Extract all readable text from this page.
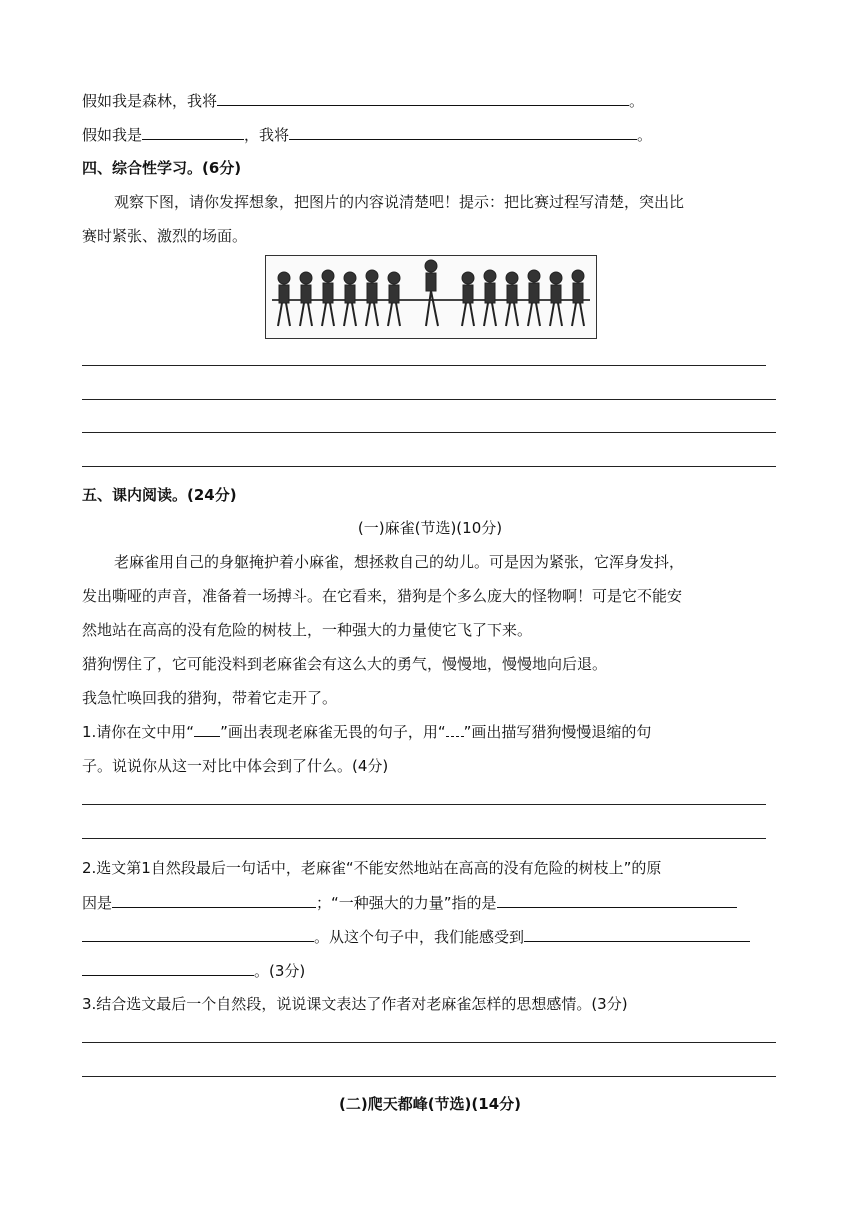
假如我是森林，我将	。
假如我是	，我将	。
四、综合性学习。(6分)
观察下图，请你发挥想象，把图片的内容说清楚吧！提示：把比赛过程写清楚，突出比
赛时紧张、激烈的场面。
五、课内阅读。(24分)
(一)麻雀(节选)(10分)
老麻雀用自己的身躯掩护着小麻雀，想拯救自己的幼儿。可是因为紧张，它浑身发抖，
发出嘶哑的声音，准备着一场搏斗。在它看来，猎狗是个多么庞大的怪物啊！可是它不能安
然地站在高高的没有危险的树枝上，一种强大的力量使它飞了下来。
猎狗愣住了，它可能没料到老麻雀会有这么大的勇气，慢慢地，慢慢地向后退。
我急忙唤回我的猎狗，带着它走开了。
1.请你在文中用“ ”画出表现老麻雀无畏的句子，用“ ”画出描写猎狗慢慢退缩的句
子。说说你从这一对比中体会到了什么。(4分)
2.选文第1自然段最后一句话中，老麻雀“不能安然地站在高高的没有危险的树枝上”的原
因是	；“一种强大的力量”指的是
。从这个句子中，我们能感受到
。(3分)
3.结合选文最后一个自然段，说说课文表达了作者对老麻雀怎样的思想感情。(3分)
(二)爬天都峰(节选)(14分)
